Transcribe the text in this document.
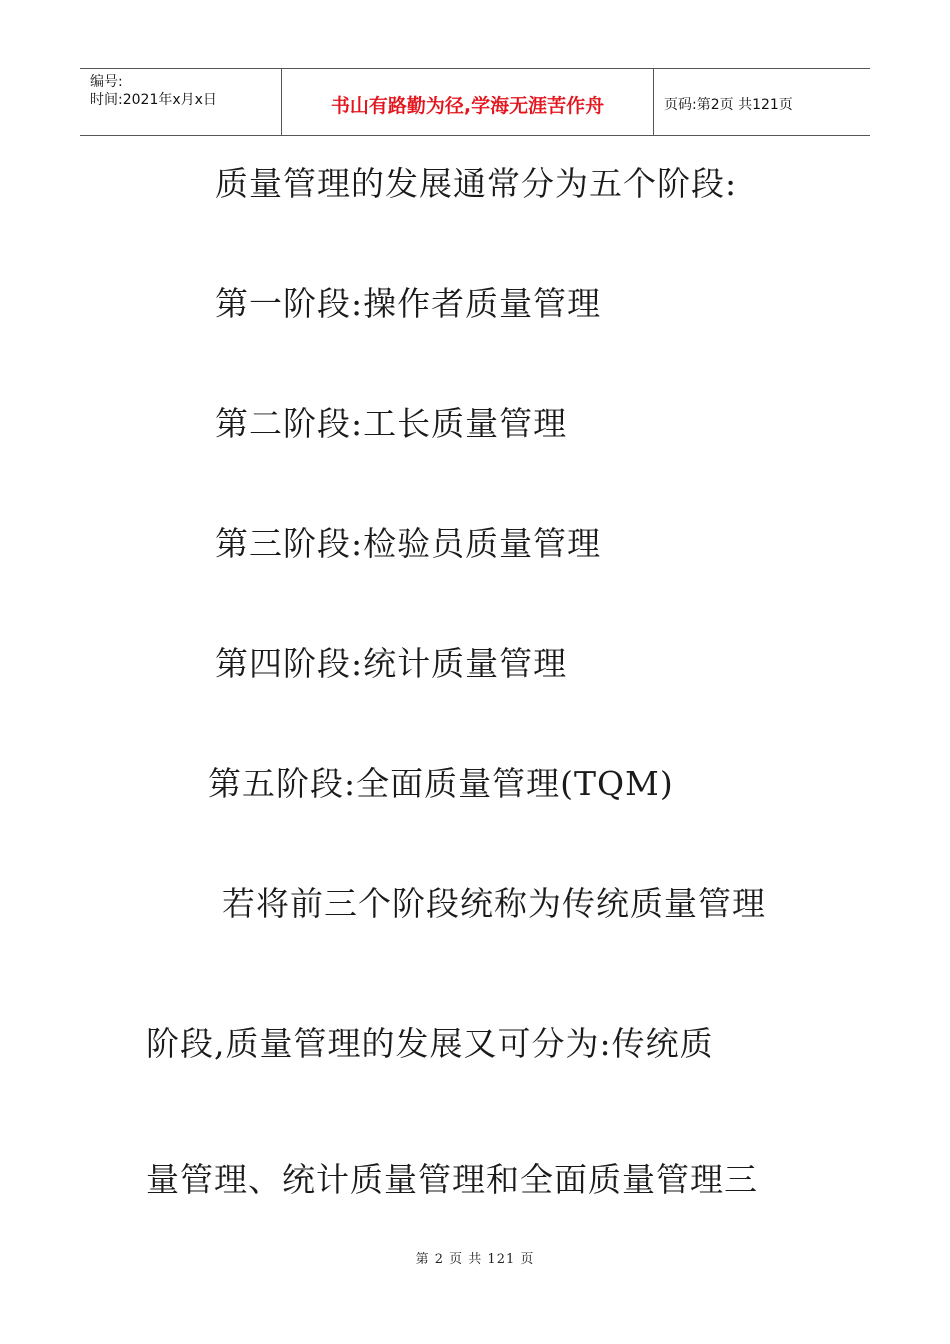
编号:
时间:2021年x月x日	书山有路勤为径,学海无涯苦作舟	页码:第2页 共121页
质量管理的发展通常分为五个阶段:
第一阶段:操作者质量管理
第二阶段:工长质量管理
第三阶段:检验员质量管理
第四阶段:统计质量管理
第五阶段:全面质量管理(TQM)
若将前三个阶段统称为传统质量管理
阶段,质量管理的发展又可分为:传统质
量管理、统计质量管理和全面质量管理三
第 2 页 共 121 页
